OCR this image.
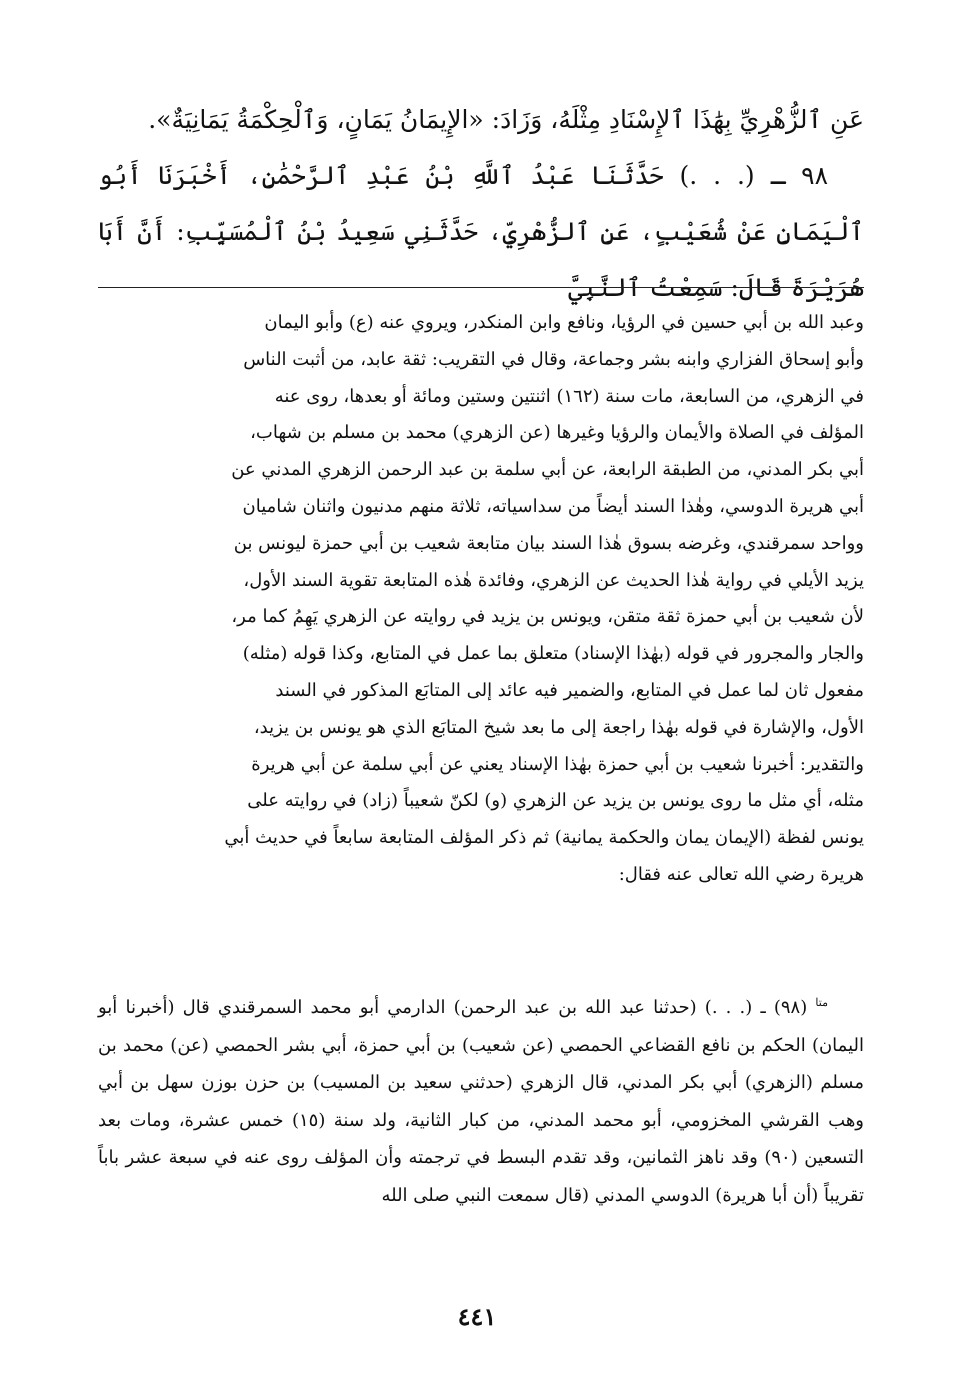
عَنِ ٱلزُّهْرِيِّ بِهَٰذَا ٱلإِسْنَادِ مِثْلَهُ، وَزَادَ: «الإِيمَانُ يَمَانٍ، وَٱلْحِكْمَةُ يَمَانِيَةٌ».

٩٨ ـ (. . .) حَدَّثَنَا عَبْدُ ٱللَّهِ بْنُ عَبْدِ ٱلرَّحْمَٰنِ، أَخْبَرَنَا أَبُو ٱلْيَمَانِ عَنْ شُعَيْبٍ، عَنِ ٱلزُّهْرِيِّ، حَدَّثَنِي سَعِيدُ بْنُ ٱلْمُسَيِّبِ: أَنَّ أَبَا هُرَيْرَةَ قَالَ: سَمِعْتُ ٱلنَّبِيَّ

وعبد الله بن أبي حسين في الرؤيا، ونافع وابن المنكدر، ويروي عنه (ع) وأبو اليمان

وأبو إسحاق الفزاري وابنه بشر وجماعة، وقال في التقريب: ثقة عابد، من أثبت الناس

في الزهري، من السابعة، مات سنة (١٦٢) اثنتين وستين ومائة أو بعدها، روى عنه

المؤلف في الصلاة والأيمان والرؤيا وغيرها (عن الزهري) محمد بن مسلم بن شهاب،

أبي بكر المدني، من الطبقة الرابعة، عن أبي سلمة بن عبد الرحمن الزهري المدني عن

أبي هريرة الدوسي، وهٰذا السند أيضاً من سداسياته، ثلاثة منهم مدنيون واثنان شاميان

وواحد سمرقندي، وغرضه بسوق هٰذا السند بيان متابعة شعيب بن أبي حمزة ليونس بن

يزيد الأيلي في رواية هٰذا الحديث عن الزهري، وفائدة هٰذه المتابعة تقوية السند الأول،

لأن شعيب بن أبي حمزة ثقة متقن، ويونس بن يزيد في روايته عن الزهري يَهِمُ كما مر،

والجار والمجرور في قوله (بهٰذا الإسناد) متعلق بما عمل في المتابع، وكذا قوله (مثله)

مفعول ثان لما عمل في المتابع، والضمير فيه عائد إلى المتابَع المذكور في السند

الأول، والإشارة في قوله بهٰذا راجعة إلى ما بعد شيخ المتابَع الذي هو يونس بن يزيد،

والتقدير: أخبرنا شعيب بن أبي حمزة بهٰذا الإسناد يعني عن أبي سلمة عن أبي هريرة

مثله، أي مثل ما روى يونس بن يزيد عن الزهري (و) لكنّ شعيباً (زاد) في روايته على

يونس لفظة (الإيمان يمان والحكمة يمانية) ثم ذكر المؤلف المتابعة سابعاً في حديث أبي

هريرة رضي الله تعالى عنه فقال:

$^{متا}$ (٩٨) ـ (. . .) (حدثنا عبد الله بن عبد الرحمن) الدارمي أبو محمد السمرقندي قال (أخبرنا أبو اليمان) الحكم بن نافع القضاعي الحمصي (عن شعيب) بن أبي حمزة، أبي بشر الحمصي (عن) محمد بن مسلم (الزهري) أبي بكر المدني، قال الزهري (حدثني سعيد بن المسيب) بن حزن بوزن سهل بن أبي وهب القرشي المخزومي، أبو محمد المدني، من كبار الثانية، ولد سنة (١٥) خمس عشرة، ومات بعد التسعين (٩٠) وقد ناهز الثمانين، وقد تقدم البسط في ترجمته وأن المؤلف روى عنه في سبعة عشر باباً تقريباً (أن أبا هريرة) الدوسي المدني (قال سمعت النبي صلى الله

٤٤١
